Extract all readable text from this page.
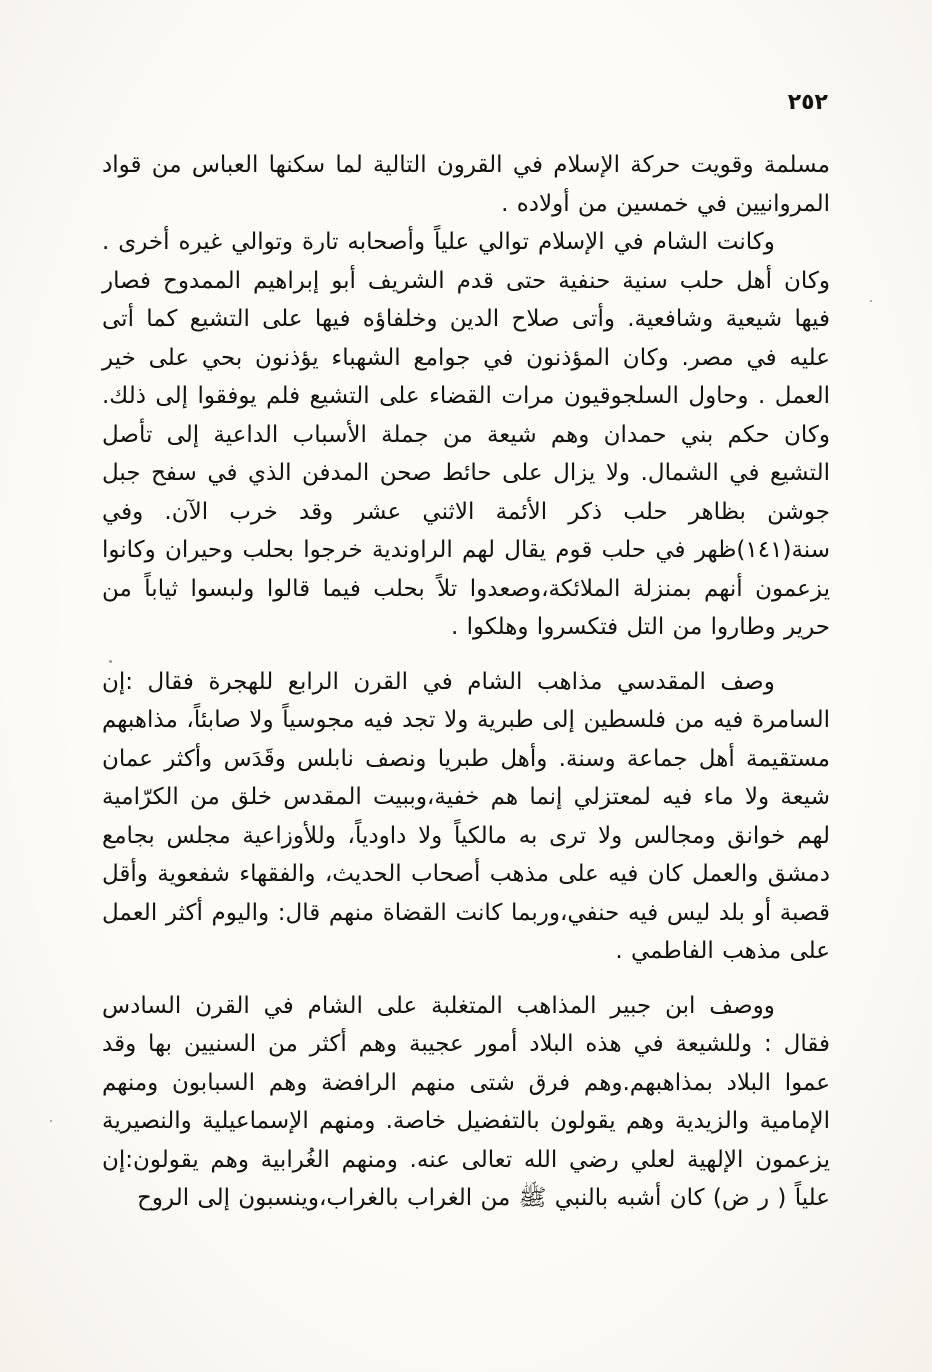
٢٥٢

مسلمة وقويت حركة الإسلام في القرون التالية لما سكنها العباس من قواد المروانيين في خمسين من أولاده .

وكانت الشام في الإسلام توالي علياً وأصحابه تارة وتوالي غيره أخرى . وكان أهل حلب سنية حنفية حتى قدم الشريف أبو إبراهيم الممدوح فصار فيها شيعية وشافعية. وأتى صلاح الدين وخلفاؤه فيها على التشيع كما أتى عليه في مصر. وكان المؤذنون في جوامع الشهباء يؤذنون بحي على خير العمل . وحاول السلجوقيون مرات القضاء على التشيع فلم يوفقوا إلى ذلك. وكان حكم بني حمدان وهم شيعة من جملة الأسباب الداعية إلى تأصل التشيع في الشمال. ولا يزال على حائط صحن المدفن الذي في سفح جبل جوشن بظاهر حلب ذكر الأئمة الاثني عشر وقد خرب الآن. وفي سنة(١٤١)ظهر في حلب قوم يقال لهم الراوندية خرجوا بحلب وحيران وكانوا يزعمون أنهم بمنزلة الملائكة،وصعدوا تلاً بحلب فيما قالوا ولبسوا ثياباً من حرير وطاروا من التل فتكسروا وهلكوا .

وصف المقدسي مذاهب الشام في القرن الرابع للهجرة فقال :إن السامرة فيه من فلسطين إلى طبرية ولا تجد فيه مجوسياً ولا صابئاً، مذاهبهم مستقيمة أهل جماعة وسنة. وأهل طبريا ونصف نابلس وقَدَس وأكثر عمان شيعة ولا ماء فيه لمعتزلي إنما هم خفية،وببيت المقدس خلق من الكرّامية لهم خوانق ومجالس ولا ترى به مالكياً ولا داودياً، وللأوزاعية مجلس بجامع دمشق والعمل كان فيه على مذهب أصحاب الحديث، والفقهاء شفعوية وأقل قصبة أو بلد ليس فيه حنفي،وربما كانت القضاة منهم قال: واليوم أكثر العمل على مذهب الفاطمي .

ووصف ابن جبير المذاهب المتغلبة على الشام في القرن السادس فقال : وللشيعة في هذه البلاد أمور عجيبة وهم أكثر من السنيين بها وقد عموا البلاد بمذاهبهم.وهم فرق شتى منهم الرافضة وهم السبابون ومنهم الإمامية والزيدية وهم يقولون بالتفضيل خاصة. ومنهم الإسماعيلية والنصيرية يزعمون الإلهية لعلي رضي الله تعالى عنه. ومنهم الغُرابية وهم يقولون:إن علياً ( ر ض) كان أشبه بالنبي ﷺ من الغراب بالغراب،وينسبون إلى الروح
